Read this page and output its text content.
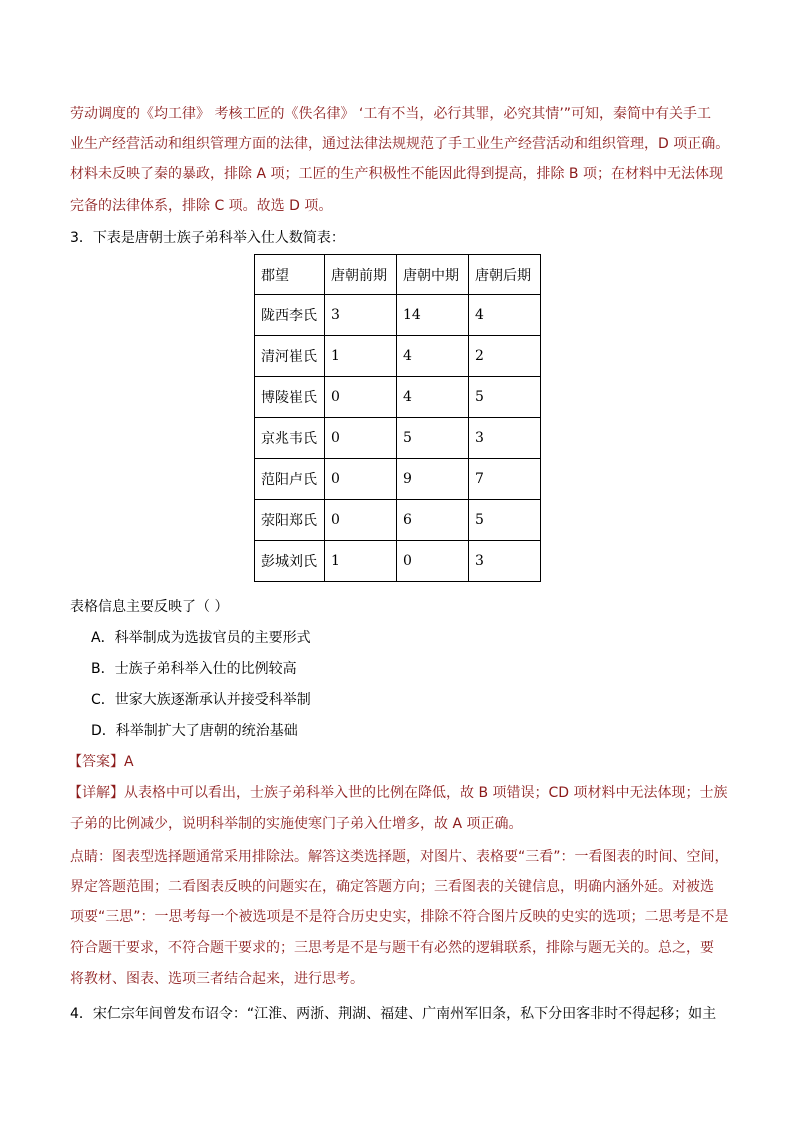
劳动调度的《均工律》 考核工匠的《佚名律》 ‘工有不当，必行其罪，必究其情’”可知，秦简中有关手工
业生产经营活动和组织管理方面的法律，通过法律法规规范了手工业生产经营活动和组织管理，D 项正确。
材料未反映了秦的暴政，排除 A 项；工匠的生产积极性不能因此得到提高，排除 B 项；在材料中无法体现
完备的法律体系，排除 C 项。故选 D 项。
3．下表是唐朝士族子弟科举入仕人数简表：
郡望	唐朝前期	唐朝中期	唐朝后期
陇西李氏	3	14	4
清河崔氏	1	4	2
博陵崔氏	0	4	5
京兆韦氏	0	5	3
范阳卢氏	0	9	7
荥阳郑氏	0	6	5
彭城刘氏	1	0	3
表格信息主要反映了（ ）
A．科举制成为选拔官员的主要形式
B．士族子弟科举入仕的比例较高
C．世家大族逐渐承认并接受科举制
D．科举制扩大了唐朝的统治基础
【答案】A
【详解】从表格中可以看出，士族子弟科举入世的比例在降低，故 B 项错误；CD 项材料中无法体现；士族
子弟的比例减少，说明科举制的实施使寒门子弟入仕增多，故 A 项正确。
点睛：图表型选择题通常采用排除法。解答这类选择题，对图片、表格要“三看”：一看图表的时间、空间，
界定答题范围；二看图表反映的问题实在，确定答题方向；三看图表的关键信息，明确内涵外延。对被选
项要“三思”：一思考每一个被选项是不是符合历史史实，排除不符合图片反映的史实的选项；二思考是不是
符合题干要求，不符合题干要求的；三思考是不是与题干有必然的逻辑联系，排除与题无关的。总之，要
将教材、图表、选项三者结合起来，进行思考。
4．宋仁宗年间曾发布诏令：“江淮、两浙、荆湖、福建、广南州军旧条，私下分田客非时不得起移；如主
